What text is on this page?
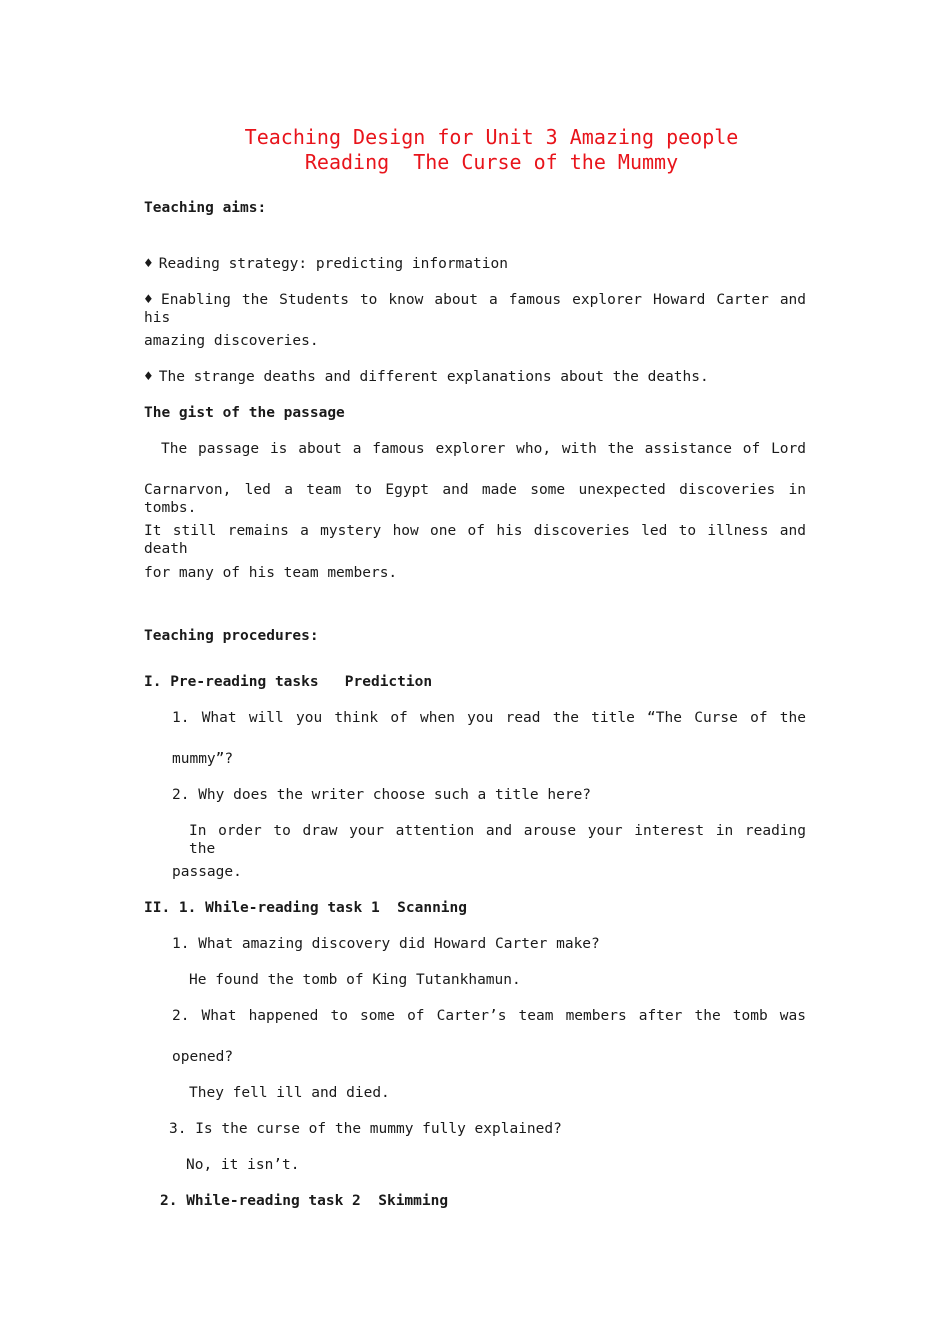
Teaching Design for Unit 3 Amazing people
Reading  The Curse of the Mummy
Teaching aims:
♦ Reading strategy: predicting information
♦ Enabling the Students to know about a famous explorer Howard Carter and his
amazing discoveries.
♦ The strange deaths and different explanations about the deaths.
The gist of the passage
The passage is about a famous explorer who, with the assistance of Lord
Carnarvon, led a team to Egypt and made some unexpected discoveries in tombs.
It still remains a mystery how one of his discoveries led to illness and death
for many of his team members.
Teaching procedures:
I. Pre-reading tasks   Prediction
1. What will you think of when you read the title “The Curse of the
mummy”?
2. Why does the writer choose such a title here?
In order to draw your attention and arouse your interest in reading the
passage.
II. 1. While-reading task 1  Scanning
1. What amazing discovery did Howard Carter make?
He found the tomb of King Tutankhamun.
2. What happened to some of Carter’s team members after the tomb was
opened?
They fell ill and died.
3. Is the curse of the mummy fully explained?
No, it isn’t.
2. While-reading task 2  Skimming
